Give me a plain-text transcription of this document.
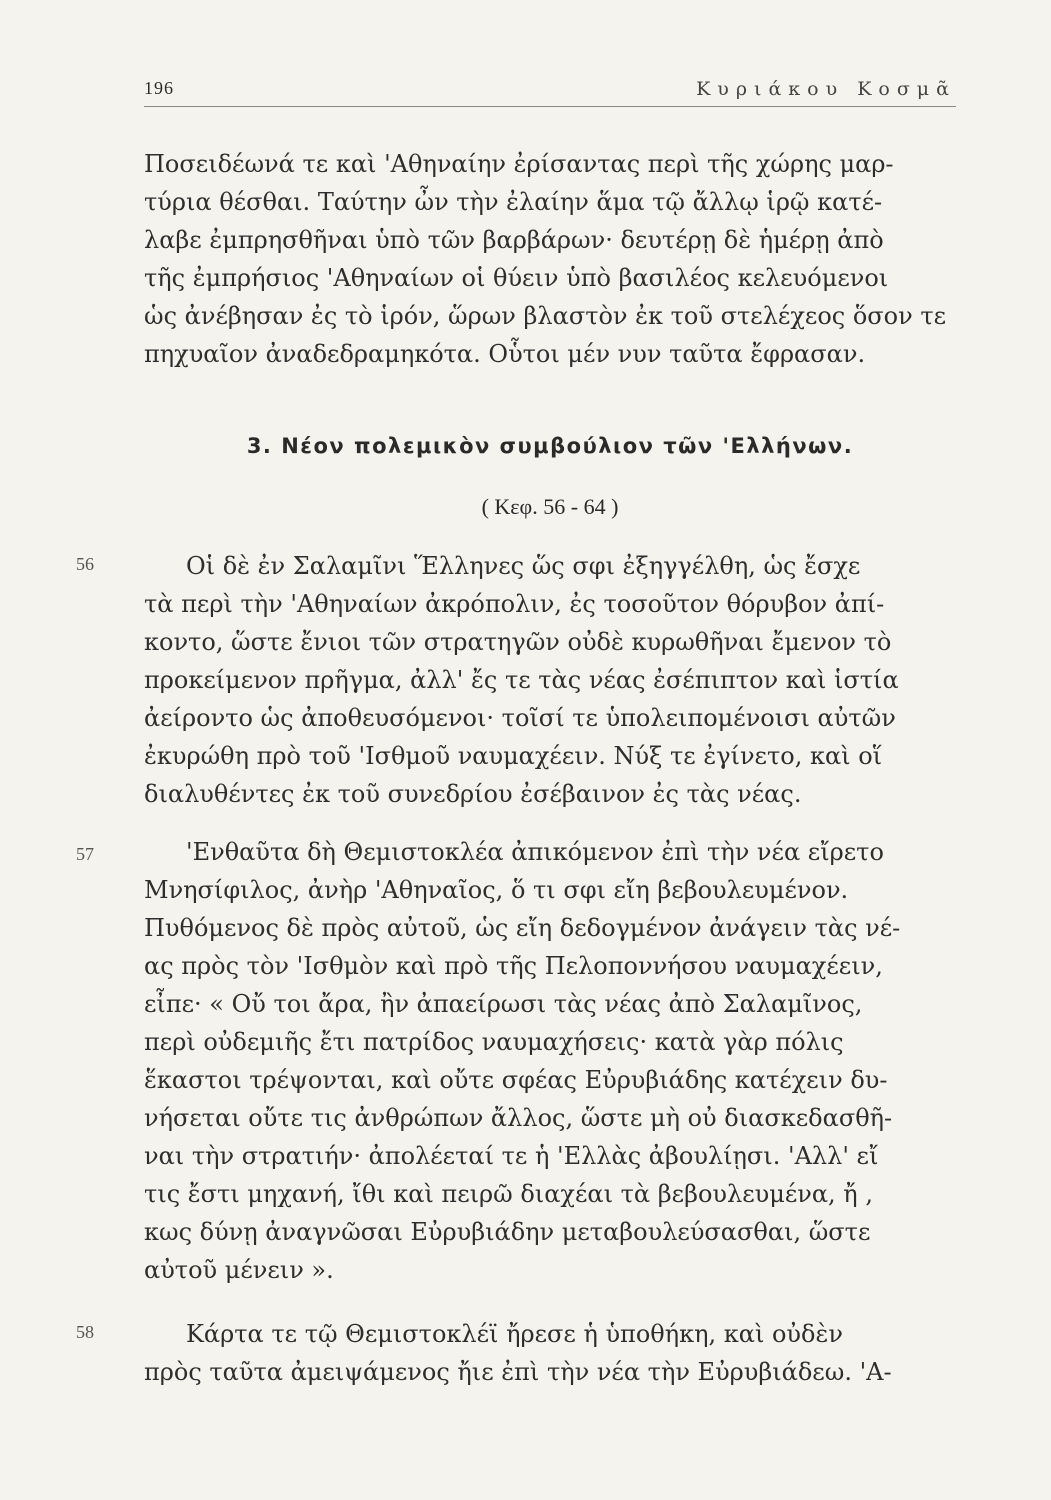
196	Κυριάκου Κοσμᾶ
Ποσειδέωνά τε καὶ 'Αθηναίην ἐρίσαντας περὶ τῆς χώρης μαρ-
τύρια θέσθαι. Ταύτην ὦν τὴν ἐλαίην ἅμα τῷ ἄλλῳ ἱρῷ κατέ-
λαβε ἐμπρησθῆναι ὑπὸ τῶν βαρβάρων· δευτέρῃ δὲ ἡμέρῃ ἀπὸ
τῆς ἐμπρήσιος 'Αθηναίων οἱ θύειν ὑπὸ βασιλέος κελευόμενοι
ὡς ἀνέβησαν ἐς τὸ ἱρόν, ὥρων βλαστὸν ἐκ τοῦ στελέχεος ὅσον τε
πηχυαῖον ἀναδεδραμηκότα. Οὗτοι μέν νυν ταῦτα ἔφρασαν.
3. Νέον πολεμικὸν συμβούλιον τῶν 'Ελλήνων.
( Κεφ. 56 - 64 )
56
57
58
Οἱ δὲ ἐν Σαλαμῖνι Ἕλληνες ὥς σφι ἐξηγγέλθη, ὡς ἔσχε
τὰ περὶ τὴν 'Αθηναίων ἀκρόπολιν, ἐς τοσοῦτον θόρυβον ἀπί-
κοντο, ὥστε ἔνιοι τῶν στρατηγῶν οὐδὲ κυρωθῆναι ἔμενον τὸ
προκείμενον πρῆγμα, ἀλλ' ἔς τε τὰς νέας ἐσέπιπτον καὶ ἱστία
ἀείροντο ὡς ἀποθευσόμενοι· τοῖσί τε ὑπολειπομένοισι αὐτῶν
ἐκυρώθη πρὸ τοῦ 'Ισθμοῦ ναυμαχέειν. Νύξ τε ἐγίνετο, καὶ οἵ
διαλυθέντες ἐκ τοῦ συνεδρίου ἐσέβαινον ἐς τὰς νέας.
'Ενθαῦτα δὴ Θεμιστοκλέα ἀπικόμενον ἐπὶ τὴν νέα εἴρετο
Μνησίφιλος, ἀνὴρ 'Αθηναῖος, ὅ τι σφι εἴη βεβουλευμένον.
Πυθόμενος δὲ πρὸς αὐτοῦ, ὡς εἴη δεδογμένον ἀνάγειν τὰς νέ-
ας πρὸς τὸν 'Ισθμὸν καὶ πρὸ τῆς Πελοποννήσου ναυμαχέειν,
εἶπε· « Οὔ τοι ἄρα, ἢν ἀπαείρωσι τὰς νέας ἀπὸ Σαλαμῖνος,
περὶ οὐδεμιῆς ἔτι πατρίδος ναυμαχήσεις· κατὰ γὰρ πόλις
ἕκαστοι τρέψονται, καὶ οὔτε σφέας Εὐρυβιάδης κατέχειν δυ-
νήσεται οὔτε τις ἀνθρώπων ἄλλος, ὥστε μὴ οὐ διασκεδασθῆ-
ναι τὴν στρατιήν· ἀπολέεταί τε ἡ 'Ελλὰς ἀβουλίῃσι. 'Αλλ' εἴ
τις ἔστι μηχανή, ἴθι καὶ πειρῶ διαχέαι τὰ βεβουλευμένα, ἤ ,
κως δύνῃ ἀναγνῶσαι Εὐρυβιάδην μεταβουλεύσασθαι, ὥστε
αὐτοῦ μένειν ».
Κάρτα τε τῷ Θεμιστοκλέϊ ἤρεσε ἡ ὑποθήκη, καὶ οὐδὲν
πρὸς ταῦτα ἀμειψάμενος ἤιε ἐπὶ τὴν νέα τὴν Εὐρυβιάδεω. 'Α-
